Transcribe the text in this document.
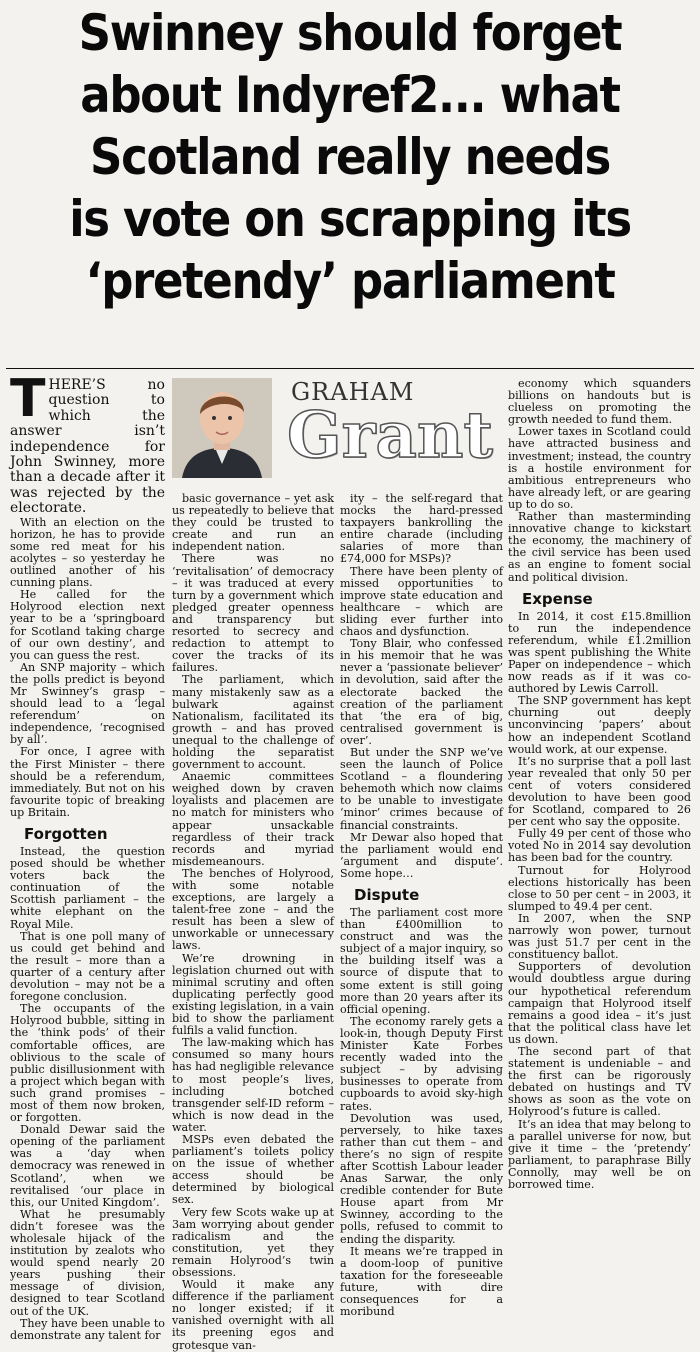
Swinney should forget
about Indyref2... what
Scotland really needs
is vote on scrapping its
‘pretendy’ parliament
T HERE’S no question to which the answer isn’t independence for John Swinney, more than a decade after it was rejected by the electorate.

With an election on the horizon, he has to provide some red meat for his acolytes – so yesterday he outlined another of his cunning plans.

He called for the Holyrood election next year to be a ‘springboard for Scotland taking charge of our own destiny’, and you can guess the rest.

An SNP majority – which the polls predict is beyond Mr Swinney’s grasp – should lead to a ‘legal referendum’ on independence, ‘recognised by all’.

For once, I agree with the First Minister – there should be a referendum, immediately. But not on his favourite topic of breaking up Britain.

Forgotten

Instead, the question posed should be whether voters back the continuation of the Scottish parliament – the white elephant on the Royal Mile.

That is one poll many of us could get behind and the result – more than a quarter of a century after devolution – may not be a foregone conclusion.

The occupants of the Holyrood bubble, sitting in the ‘think pods’ of their comfortable offices, are oblivious to the scale of public disillusionment with a project which began with such grand promises – most of them now broken, or forgotten.

Donald Dewar said the opening of the parliament was a ‘day when democracy was renewed in Scotland’, when we revitalised ‘our place in this, our United Kingdom’.

What he presumably didn’t foresee was the wholesale hijack of the institution by zealots who would spend nearly 20 years pushing their message of division, designed to tear Scotland out of the UK.

They have been unable to demonstrate any talent for

GRAHAM
Grant

basic governance – yet ask us repeatedly to believe that they could be trusted to create and run an independent nation.

There was no ‘revitalisation’ of democracy – it was traduced at every turn by a government which pledged greater openness and transparency but resorted to secrecy and redaction to attempt to cover the tracks of its failures.

The parliament, which many mistakenly saw as a bulwark against Nationalism, facilitated its growth – and has proved unequal to the challenge of holding the separatist government to account.

Anaemic committees weighed down by craven loyalists and placemen are no match for ministers who appear unsackable regardless of their track records and myriad misdemeanours.

The benches of Holyrood, with some notable exceptions, are largely a talent-free zone – and the result has been a slew of unworkable or unnecessary laws.

We’re drowning in legislation churned out with minimal scrutiny and often duplicating perfectly good existing legislation, in a vain bid to show the parliament fulfils a valid function.

The law-making which has consumed so many hours has had negligible relevance to most people’s lives, including botched transgender self-ID reform – which is now dead in the water.

MSPs even debated the parliament’s toilets policy on the issue of whether access should be determined by biological sex.

Very few Scots wake up at 3am worrying about gender radicalism and the constitution, yet they remain Holyrood’s twin obsessions.

Would it make any difference if the parliament no longer existed; if it vanished overnight with all its preening egos and grotesque van-

ity – the self-regard that mocks the hard-pressed taxpayers bankrolling the entire charade (including salaries of more than £74,000 for MSPs)?

There have been plenty of missed opportunities to improve state education and healthcare – which are sliding ever further into chaos and dysfunction.

Tony Blair, who confessed in his memoir that he was never a ‘passionate believer’ in devolution, said after the electorate backed the creation of the parliament that ‘the era of big, centralised government is over’.

But under the SNP we’ve seen the launch of Police Scotland – a floundering behemoth which now claims to be unable to investigate ‘minor’ crimes because of financial constraints.

Mr Dewar also hoped that the parliament would end ‘argument and dispute’. Some hope…

Dispute

The parliament cost more than £400million to construct and was the subject of a major inquiry, so the building itself was a source of dispute that to some extent is still going more than 20 years after its official opening.

The economy rarely gets a look-in, though Deputy First Minister Kate Forbes recently waded into the subject – by advising businesses to operate from cupboards to avoid sky-high rates.

Devolution was used, perversely, to hike taxes rather than cut them – and there’s no sign of respite after Scottish Labour leader Anas Sarwar, the only credible contender for Bute House apart from Mr Swinney, according to the polls, refused to commit to ending the disparity.

It means we’re trapped in a doom-loop of punitive taxation for the foreseeable future, with dire consequences for a moribund

economy which squanders billions on handouts but is clueless on promoting the growth needed to fund them.

Lower taxes in Scotland could have attracted business and investment; instead, the country is a hostile environment for ambitious entrepreneurs who have already left, or are gearing up to do so.

Rather than masterminding innovative change to kickstart the economy, the machinery of the civil service has been used as an engine to foment social and political division.

Expense

In 2014, it cost £15.8million to run the independence referendum, while £1.2million was spent publishing the White Paper on independence – which now reads as if it was co-authored by Lewis Carroll.

The SNP government has kept churning out deeply unconvincing ‘papers’ about how an independent Scotland would work, at our expense.

It’s no surprise that a poll last year revealed that only 50 per cent of voters considered devolution to have been good for Scotland, compared to 26 per cent who say the opposite.

Fully 49 per cent of those who voted No in 2014 say devolution has been bad for the country.

Turnout for Holyrood elections historically has been close to 50 per cent – in 2003, it slumped to 49.4 per cent.

In 2007, when the SNP narrowly won power, turnout was just 51.7 per cent in the constituency ballot.

Supporters of devolution would doubtless argue during our hypothetical referendum campaign that Holyrood itself remains a good idea – it’s just that the political class have let us down.

The second part of that statement is undeniable – and the first can be rigorously debated on hustings and TV shows as soon as the vote on Holyrood’s future is called.

It’s an idea that may belong to a parallel universe for now, but give it time – the ‘pretendy’ parliament, to paraphrase Billy Connolly, may well be on borrowed time.
